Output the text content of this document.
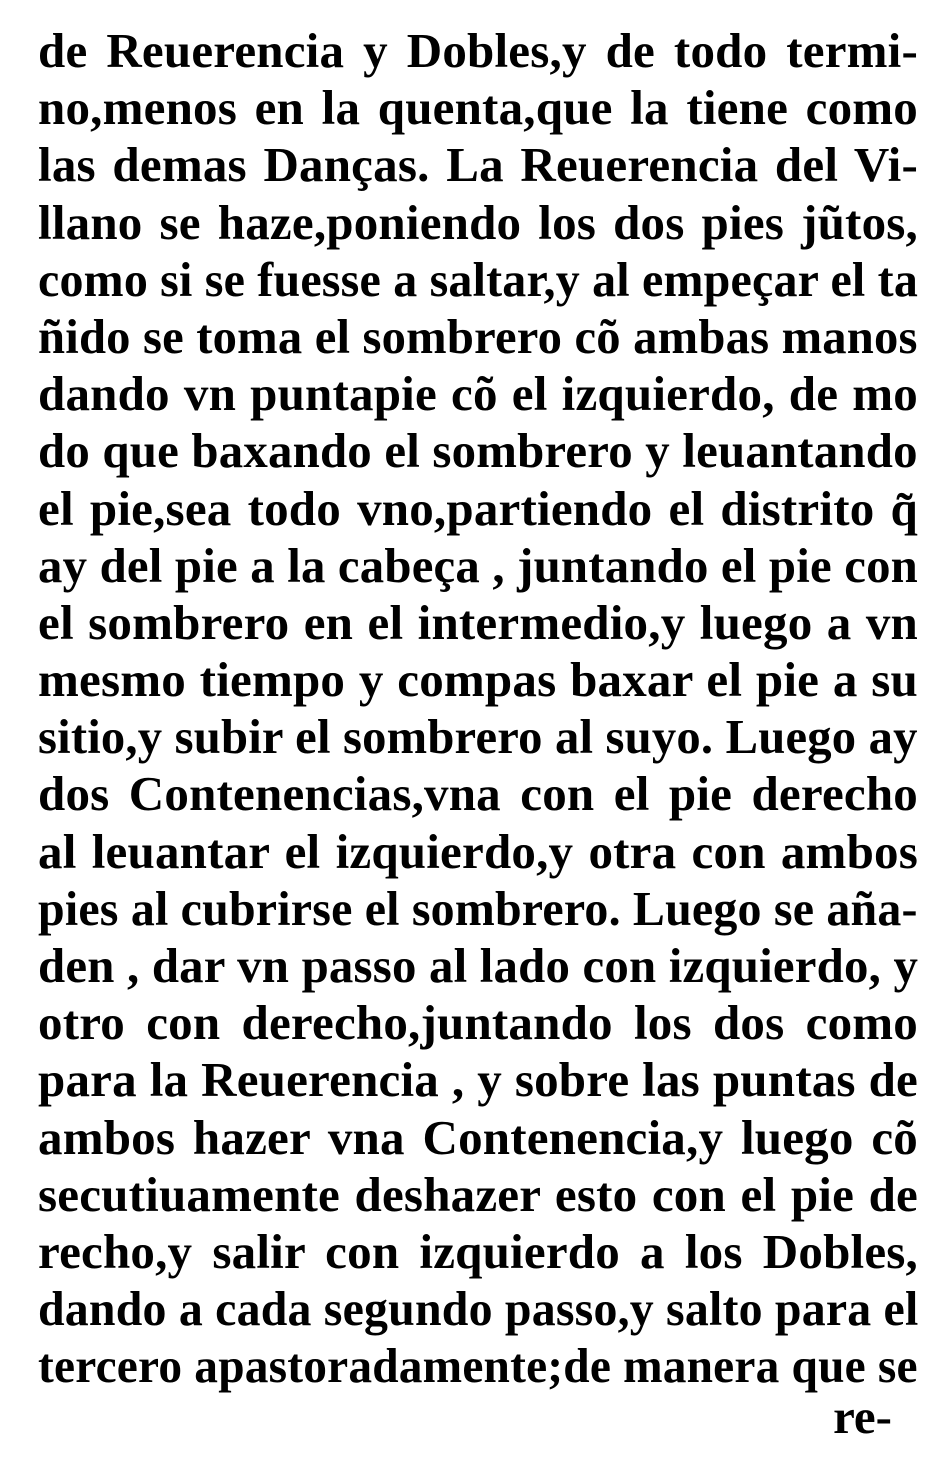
de Reuerencia y Dobles,y de todo termi-
no,menos en la quenta,que la tiene como
las demas Danças. La Reuerencia del Vi-
llano se haze,poniendo los dos pies jũtos,
como si se fuesse a saltar,y al empeçar el ta
ñido se toma el sombrero cõ ambas manos
dando vn puntapie cõ el izquierdo, de mo
do que baxando el sombrero y leuantando
el pie,sea todo vno,partiendo el distrito q̃
ay del pie a la cabeça , juntando el pie con
el sombrero en el intermedio,y luego a vn
mesmo tiempo y compas baxar el pie a su
sitio,y subir el sombrero al suyo. Luego ay
dos Contenencias,vna con el pie derecho
al leuantar el izquierdo,y otra con ambos
pies al cubrirse el sombrero. Luego se aña-
den , dar vn passo al lado con izquierdo, y
otro con derecho,juntando los dos como
para la Reuerencia , y sobre las puntas de
ambos hazer vna Contenencia,y luego cõ
secutiuamente deshazer esto con el pie de
recho,y salir con izquierdo a los Dobles,
dando a cada segundo passo,y salto para el
tercero apastoradamente;de manera que se
re-
